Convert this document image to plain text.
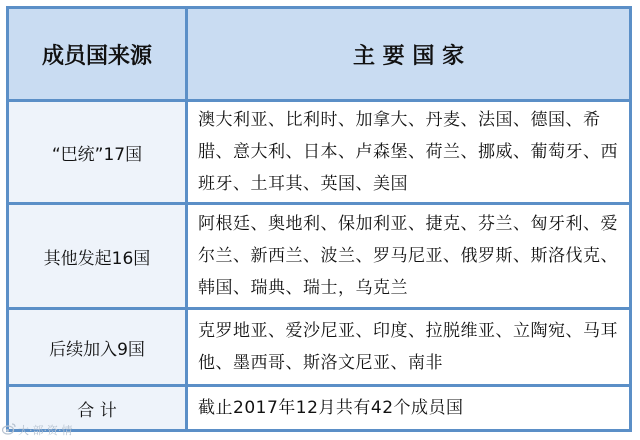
成员国来源	主 要 国 家
“巴统”17国
澳大利亚、比利时、加拿大、丹麦、法国、德国、希腊、意大利、日本、卢森堡、荷兰、挪威、葡萄牙、西班牙、土耳其、英国、美国
其他发起16国
阿根廷、奥地利、保加利亚、捷克、芬兰、匈牙利、爱尔兰、新西兰、波兰、罗马尼亚、俄罗斯、斯洛伐克、韩国、瑞典、瑞士，乌克兰
后续加入9国
克罗地亚、爱沙尼亚、印度、拉脱维亚、立陶宛、马耳他、墨西哥、斯洛文尼亚、南非
合 计	截止2017年12月共有42个成员国
大·部·资·情
